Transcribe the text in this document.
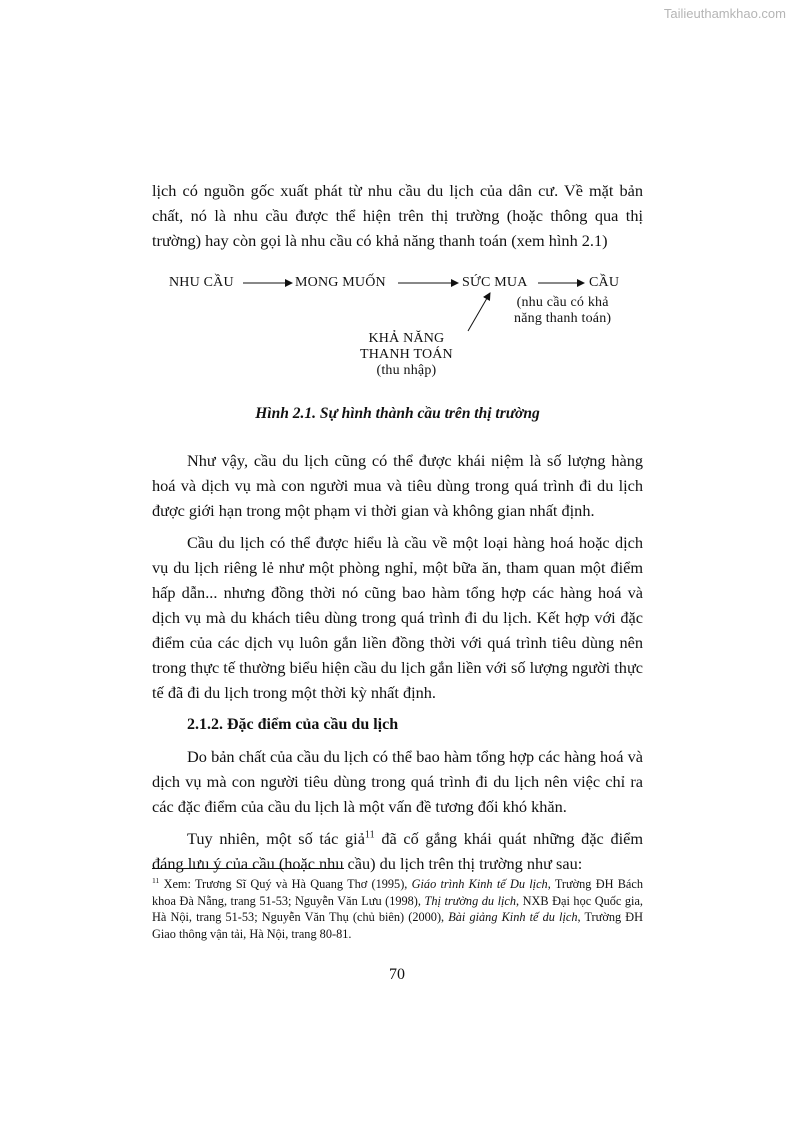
Tailieuthamkhao.com

lịch có nguồn gốc xuất phát từ nhu cầu du lịch của dân cư. Về mặt bản chất, nó là nhu cầu được thể hiện trên thị trường (hoặc thông qua thị trường) hay còn gọi là nhu cầu có khả năng thanh toán (xem hình 2.1)

NHU CẦU	MONG MUỐN	SỨC MUA	CẦU
(nhu cầu có khả
năng thanh toán)
KHẢ NĂNG
THANH TOÁN
(thu nhập)

Hình 2.1. Sự hình thành cầu trên thị trường

Như vậy, cầu du lịch cũng có thể được khái niệm là số lượng hàng hoá và dịch vụ mà con người mua và tiêu dùng trong quá trình đi du lịch được giới hạn trong một phạm vi thời gian và không gian nhất định.

Cầu du lịch có thể được hiểu là cầu về một loại hàng hoá hoặc dịch vụ du lịch riêng lẻ như một phòng nghỉ, một bữa ăn, tham quan một điểm hấp dẫn... nhưng đồng thời nó cũng bao hàm tổng hợp các hàng hoá và dịch vụ mà du khách tiêu dùng trong quá trình đi du lịch. Kết hợp với đặc điểm của các dịch vụ luôn gắn liền đồng thời với quá trình tiêu dùng nên trong thực tế thường biểu hiện cầu du lịch gắn liền với số lượng người thực tế đã đi du lịch trong một thời kỳ nhất định.

2.1.2. Đặc điểm của cầu du lịch

Do bản chất của cầu du lịch có thể bao hàm tổng hợp các hàng hoá và dịch vụ mà con người tiêu dùng trong quá trình đi du lịch nên việc chỉ ra các đặc điểm của cầu du lịch là một vấn đề tương đối khó khăn.

Tuy nhiên, một số tác giả$^{11}$ đã cố gắng khái quát những đặc điểm đáng lưu ý của cầu (hoặc nhu cầu) du lịch trên thị trường như sau:

$^{11}$ Xem: Trương Sĩ Quý và Hà Quang Thơ (1995), Giáo trình Kinh tế Du lịch, Trường ĐH Bách khoa Đà Nẵng, trang 51-53; Nguyễn Văn Lưu (1998), Thị trường du lịch, NXB Đại học Quốc gia, Hà Nội, trang 51-53; Nguyễn Văn Thụ (chủ biên) (2000), Bài giảng Kinh tế du lịch, Trường ĐH Giao thông vận tải, Hà Nội, trang 80-81.
70
